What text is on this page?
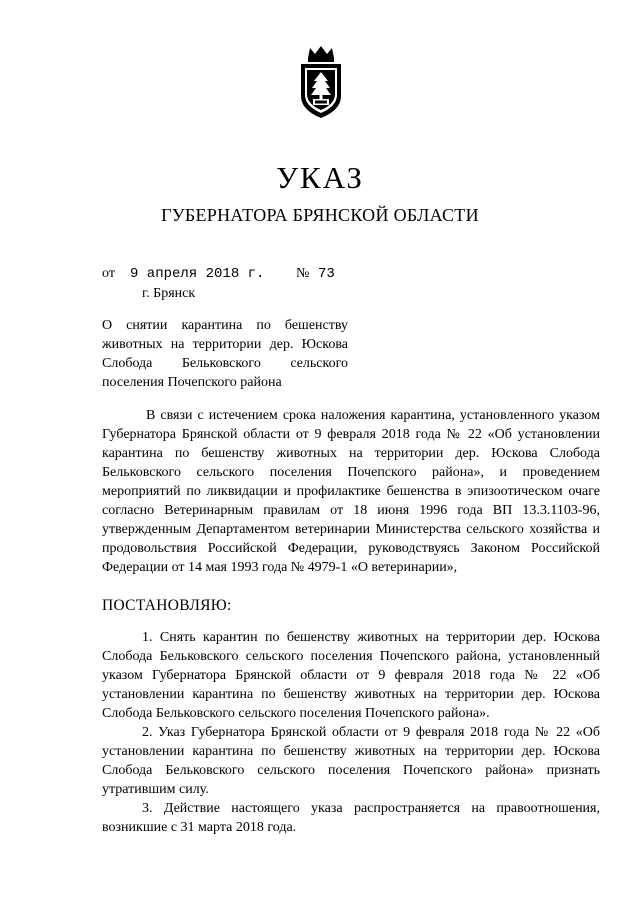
УКАЗ
ГУБЕРНАТОРА БРЯНСКОЙ ОБЛАСТИ

от

9 апреля 2018 г.

№

73

г. Брянск
О снятии карантина по бешенству животных на территории дер. Юскова Слобода Бельковского сельского поселения Почепского района
В связи с истечением срока наложения карантина, установленного указом Губернатора Брянской области от 9 февраля 2018 года № 22 «Об установлении карантина по бешенству животных на территории дер. Юскова Слобода Бельковского сельского поселения Почепского района», и проведением мероприятий по ликвидации и профилактике бешенства в эпизоотическом очаге согласно Ветеринарным правилам от 18 июня 1996 года ВП 13.3.1103-96, утвержденным Департаментом ветеринарии Министерства сельского хозяйства и продовольствия Российской Федерации, руководствуясь Законом Российской Федерации от 14 мая 1993 года № 4979-1 «О ветеринарии»,
ПОСТАНОВЛЯЮ:

1. Снять карантин по бешенству животных на территории дер. Юскова Слобода Бельковского сельского поселения Почепского района, установленный указом Губернатора Брянской области от 9 февраля 2018 года № 22 «Об установлении карантина по бешенству животных на территории дер. Юскова Слобода Бельковского сельского поселения Почепского района».

2. Указ Губернатора Брянской области от 9 февраля 2018 года № 22 «Об установлении карантина по бешенству животных на территории дер. Юскова Слобода Бельковского сельского поселения Почепского района» признать утратившим силу.

3. Действие настоящего указа распространяется на правоотношения, возникшие с 31 марта 2018 года.
